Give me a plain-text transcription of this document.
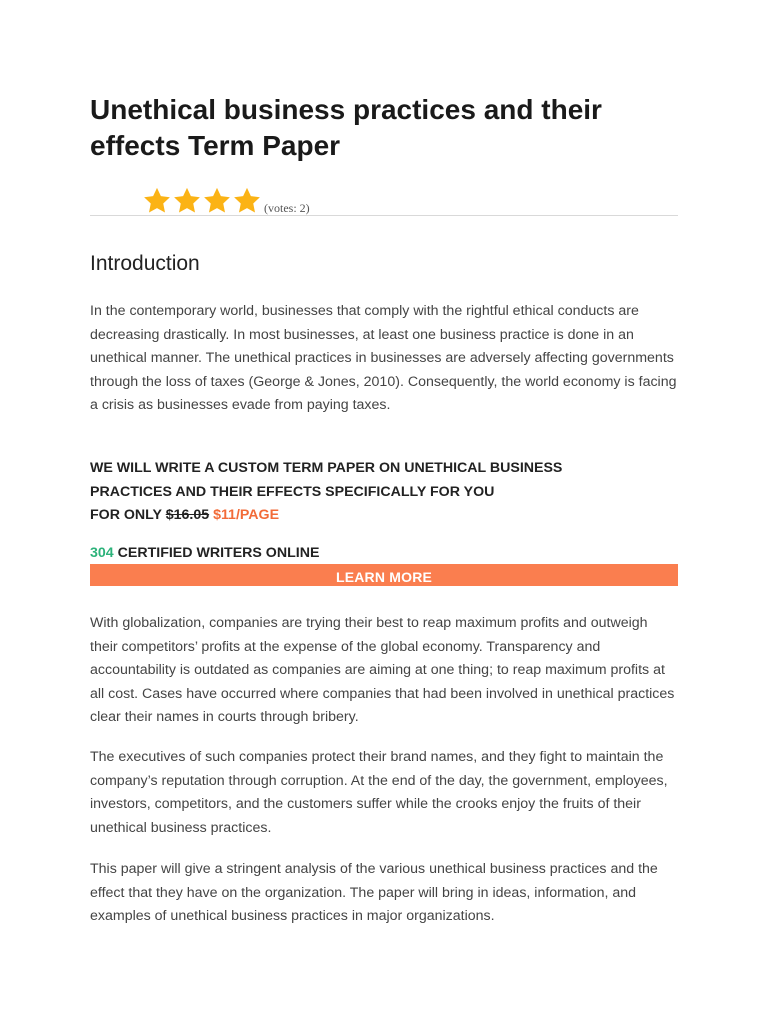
Unethical business practices and their effects Term Paper
(votes: 2)
Introduction

In the contemporary world, businesses that comply with the rightful ethical conducts are decreasing drastically. In most businesses, at least one business practice is done in an unethical manner. The unethical practices in businesses are adversely affecting governments through the loss of taxes (George & Jones, 2010). Consequently, the world economy is facing a crisis as businesses evade from paying taxes.

WE WILL WRITE A CUSTOM TERM PAPER ON UNETHICAL BUSINESS
PRACTICES AND THEIR EFFECTS SPECIFICALLY FOR YOU
FOR ONLY $16.05 $11/PAGE
304 CERTIFIED WRITERS ONLINE
LEARN MORE

With globalization, companies are trying their best to reap maximum profits and outweigh their competitors’ profits at the expense of the global economy. Transparency and accountability is outdated as companies are aiming at one thing; to reap maximum profits at all cost. Cases have occurred where companies that had been involved in unethical practices clear their names in courts through bribery.

The executives of such companies protect their brand names, and they fight to maintain the company’s reputation through corruption. At the end of the day, the government, employees, investors, competitors, and the customers suffer while the crooks enjoy the fruits of their unethical business practices.

This paper will give a stringent analysis of the various unethical business practices and the effect that they have on the organization. The paper will bring in ideas, information, and examples of unethical business practices in major organizations.
